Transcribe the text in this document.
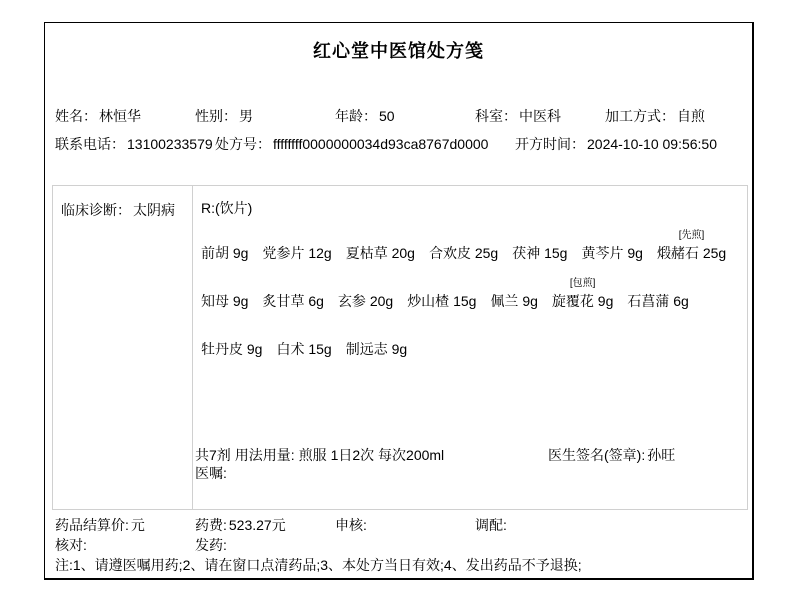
红心堂中医馆处方笺
姓名： 林恒华	性别： 男	年龄： 50	科室： 中医科	加工方式： 自煎
联系电话： 13100233579 处方号： ffffffff0000000034d93ca8767d0000 开方时间： 2024-10-10 09:56:50
临床诊断： 太阴病	R:(饮片)
前胡 9g 党参片 12g 夏枯草 20g 合欢皮 25g 茯神 15g 黄芩片 9g 煅赭石 25g
[先煎]
知母 9g 炙甘草 6g 玄参 20g 炒山楂 15g 佩兰 9g 旋覆花 9g
[包煎]
石菖蒲 6g
牡丹皮 9g 白术 15g 制远志 9g
共7剂 用法用量: 煎服 1日2次 每次200ml	医生签名(签章): 孙旺
医嘱:
药品结算价: 元	药费: 523.27元	申核:	调配:
核对:	发药:
注:1、请遵医嘱用药;2、请在窗口点清药品;3、本处方当日有效;4、发出药品不予退换;
